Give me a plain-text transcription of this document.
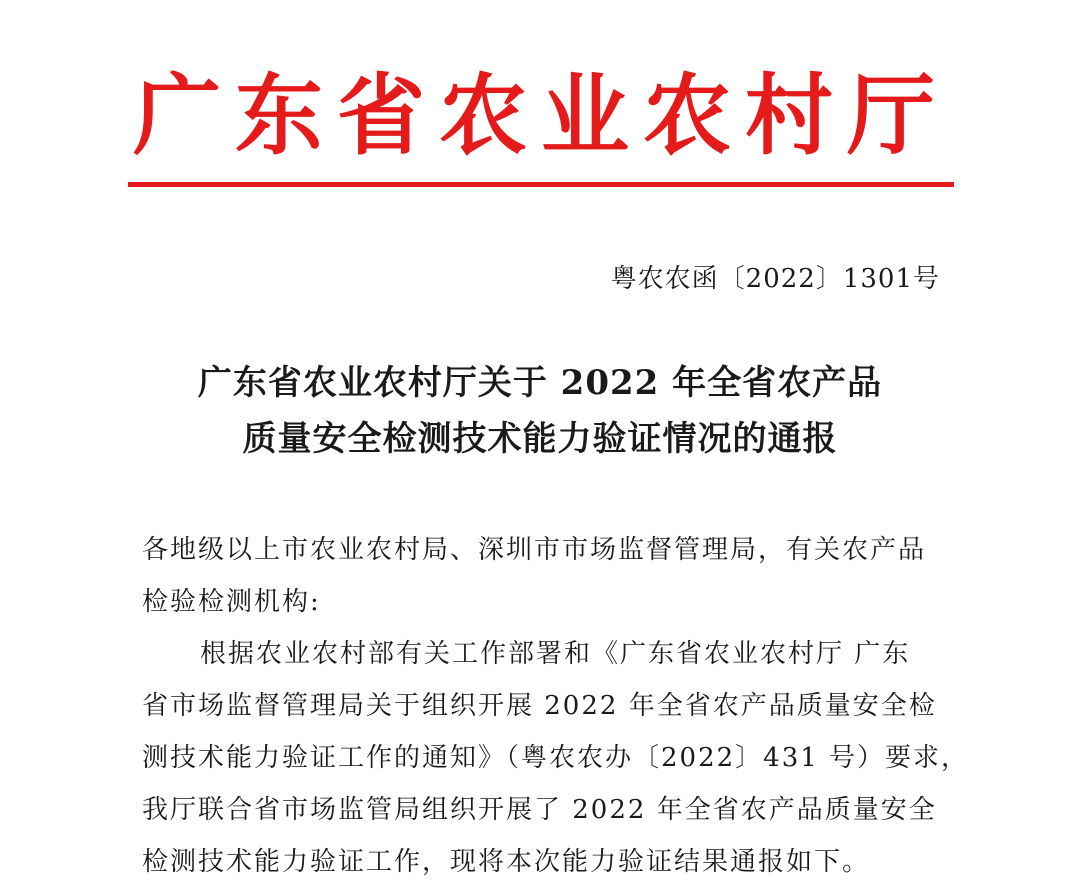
广东省农业农村厅
粤农农函〔2022〕1301号
广东省农业农村厅关于 2022 年全省农产品
质量安全检测技术能力验证情况的通报
各地级以上市农业农村局、深圳市市场监督管理局，有关农产品
检验检测机构:
根据农业农村部有关工作部署和《广东省农业农村厅 广东
省市场监督管理局关于组织开展 2022 年全省农产品质量安全检
测技术能力验证工作的通知》（粤农农办〔2022〕431 号）要求，
我厅联合省市场监管局组织开展了 2022 年全省农产品质量安全
检测技术能力验证工作，现将本次能力验证结果通报如下。
